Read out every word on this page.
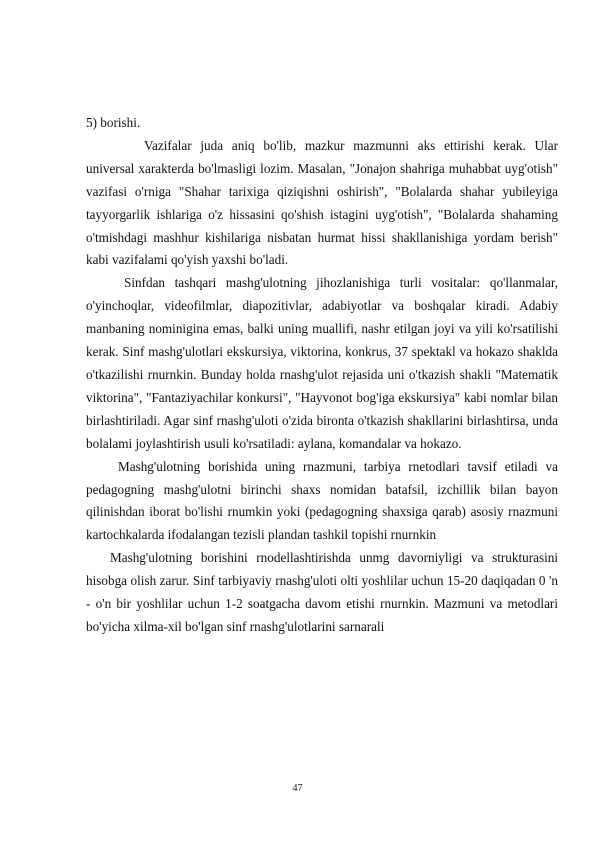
5) borishi.

Vazifalar juda aniq bo'lib, mazkur mazmunni aks ettirishi kerak. Ular universal xarakterda bo'lmasligi lozim. Masalan, "Jonajon shahriga muhabbat uyg'otish" vazifasi o'rniga "Shahar tarixiga qiziqishni oshirish", "Bolalarda shahar yubileyiga tayyorgarlik ishlariga o'z hissasini qo'shish istagini uyg'otish", "Bolalarda shahaming o'tmishdagi mashhur kishilariga nisbatan hurmat hissi shakllanishiga yordam berish" kabi vazifalami qo'yish yaxshi bo'ladi.

Sinfdan tashqari mashg'ulotning jihozlanishiga turli vositalar: qo'llanmalar, o'yinchoqlar, videofilmlar, diapozitivlar, adabiyotlar va boshqalar kiradi. Adabiy manbaning nominigina emas, balki uning muallifi, nashr etilgan joyi va yili ko'rsatilishi kerak. Sinf mashg'ulotlari ekskursiya, viktorina, konkrus, 37 spektakl va hokazo shaklda o'tkazilishi rnurnkin. Bunday holda rnashg'ulot rejasida uni o'tkazish shakli "Matematik viktorina", "Fantaziyachilar konkursi", "Hayvonot bog'iga ekskursiya" kabi nomlar bilan birlashtiriladi. Agar sinf rnashg'uloti o'zida bironta o'tkazish shakllarini birlashtirsa, unda bolalami joylashtirish usuli ko'rsatiladi: aylana, komandalar va hokazo.

Mashg'ulotning borishida uning rnazmuni, tarbiya rnetodlari tavsif etiladi va pedagogning mashg'ulotni birinchi shaxs nomidan batafsil, izchillik bilan bayon qilinishdan iborat bo'lishi rnumkin yoki (pedagogning shaxsiga qarab) asosiy rnazmuni kartochkalarda ifodalangan tezisli plandan tashkil topishi rnurnkin

Mashg'ulotning borishini rnodellashtirishda unmg davorniyligi va strukturasini hisobga olish zarur. Sinf tarbiyaviy rnashg'uloti olti yoshlilar uchun 15-20 daqiqadan 0 'n - o'n bir yoshlilar uchun 1-2 soatgacha davom etishi rnurnkin. Mazmuni va metodlari bo'yicha xilma-xil bo'lgan sinf rnashg'ulotlarini sarnarali

47
